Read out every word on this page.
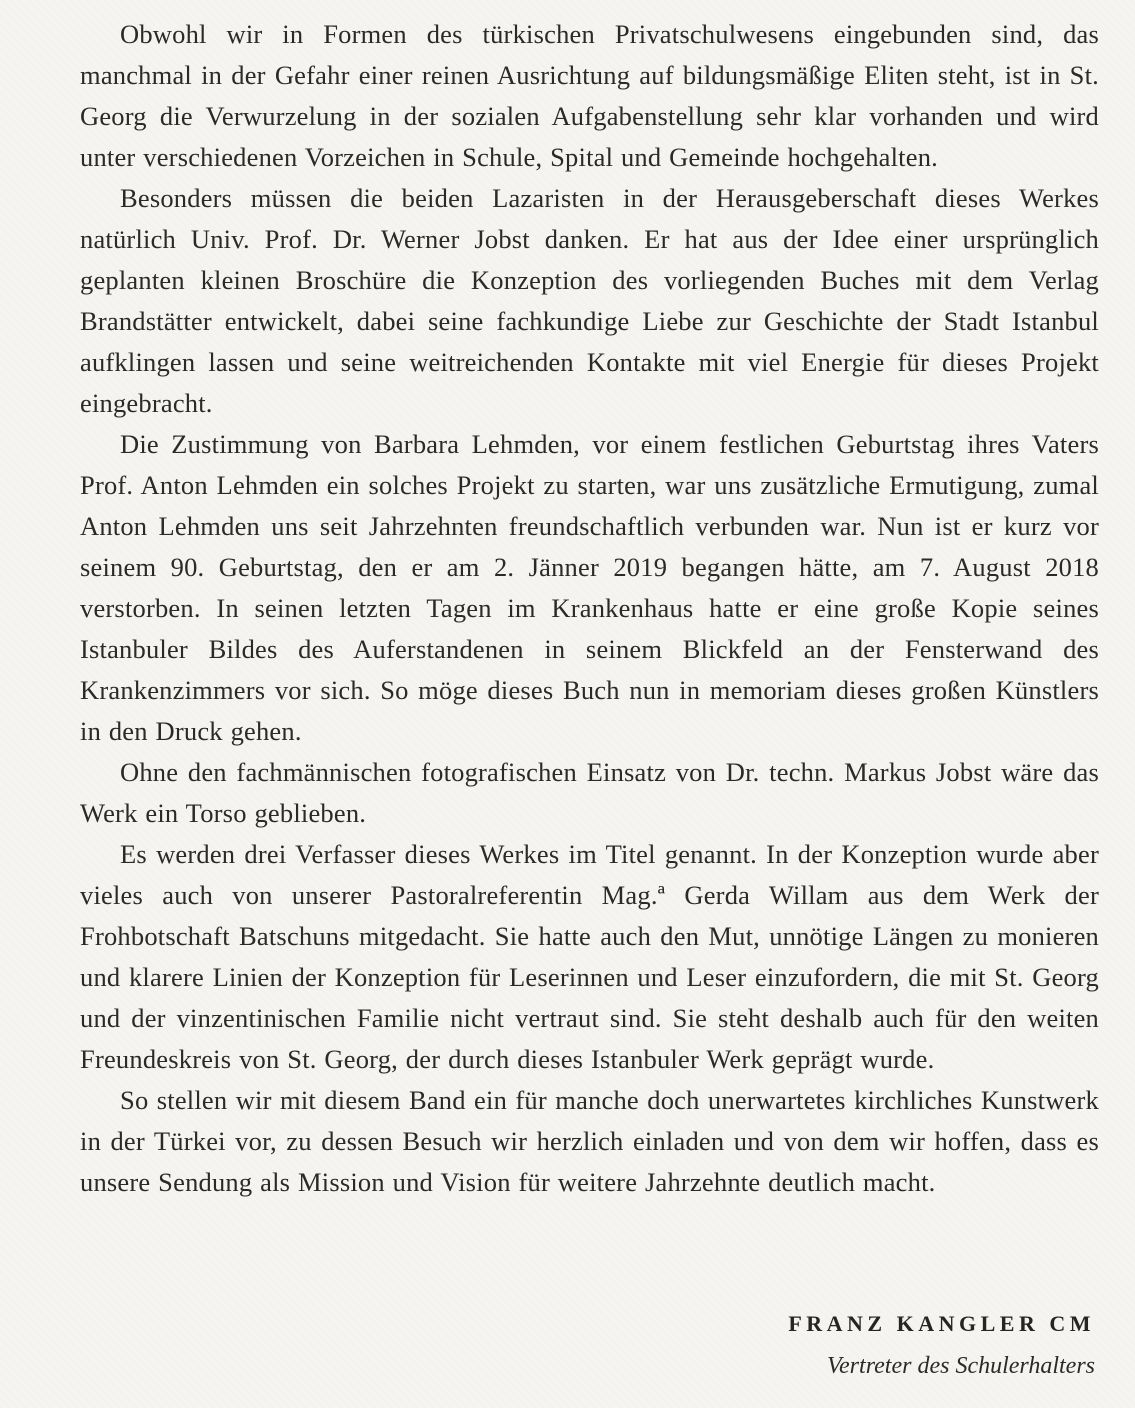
Obwohl wir in Formen des türkischen Privatschulwesens eingebunden sind, das manchmal in der Gefahr einer reinen Ausrichtung auf bildungsmäßige Eliten steht, ist in St. Georg die Verwurzelung in der sozialen Aufgabenstellung sehr klar vorhanden und wird unter verschiedenen Vorzeichen in Schule, Spital und Gemeinde hochgehalten.

Besonders müssen die beiden Lazaristen in der Herausgeberschaft dieses Werkes natürlich Univ. Prof. Dr. Werner Jobst danken. Er hat aus der Idee einer ursprünglich geplanten kleinen Broschüre die Konzeption des vorliegenden Buches mit dem Verlag Brandstätter entwickelt, dabei seine fachkundige Liebe zur Geschichte der Stadt Istanbul aufklingen lassen und seine weitreichenden Kontakte mit viel Energie für dieses Projekt eingebracht.

Die Zustimmung von Barbara Lehmden, vor einem festlichen Geburtstag ihres Vaters Prof. Anton Lehmden ein solches Projekt zu starten, war uns zusätzliche Ermutigung, zumal Anton Lehmden uns seit Jahrzehnten freundschaftlich verbunden war. Nun ist er kurz vor seinem 90. Geburtstag, den er am 2. Jänner 2019 begangen hätte, am 7. August 2018 verstorben. In seinen letzten Tagen im Krankenhaus hatte er eine große Kopie seines Istanbuler Bildes des Auferstandenen in seinem Blickfeld an der Fensterwand des Krankenzimmers vor sich. So möge dieses Buch nun in memoriam dieses großen Künstlers in den Druck gehen.

Ohne den fachmännischen fotografischen Einsatz von Dr. techn. Markus Jobst wäre das Werk ein Torso geblieben.

Es werden drei Verfasser dieses Werkes im Titel genannt. In der Konzeption wurde aber vieles auch von unserer Pastoralreferentin Mag.ª Gerda Willam aus dem Werk der Frohbotschaft Batschuns mitgedacht. Sie hatte auch den Mut, unnötige Längen zu monieren und klarere Linien der Konzeption für Leserinnen und Leser einzufordern, die mit St. Georg und der vinzentinischen Familie nicht vertraut sind. Sie steht deshalb auch für den weiten Freundeskreis von St. Georg, der durch dieses Istanbuler Werk geprägt wurde.

So stellen wir mit diesem Band ein für manche doch unerwartetes kirchliches Kunstwerk in der Türkei vor, zu dessen Besuch wir herzlich einladen und von dem wir hoffen, dass es unsere Sendung als Mission und Vision für weitere Jahrzehnte deutlich macht.

FRANZ KANGLER CM
Vertreter des Schulerhalters
